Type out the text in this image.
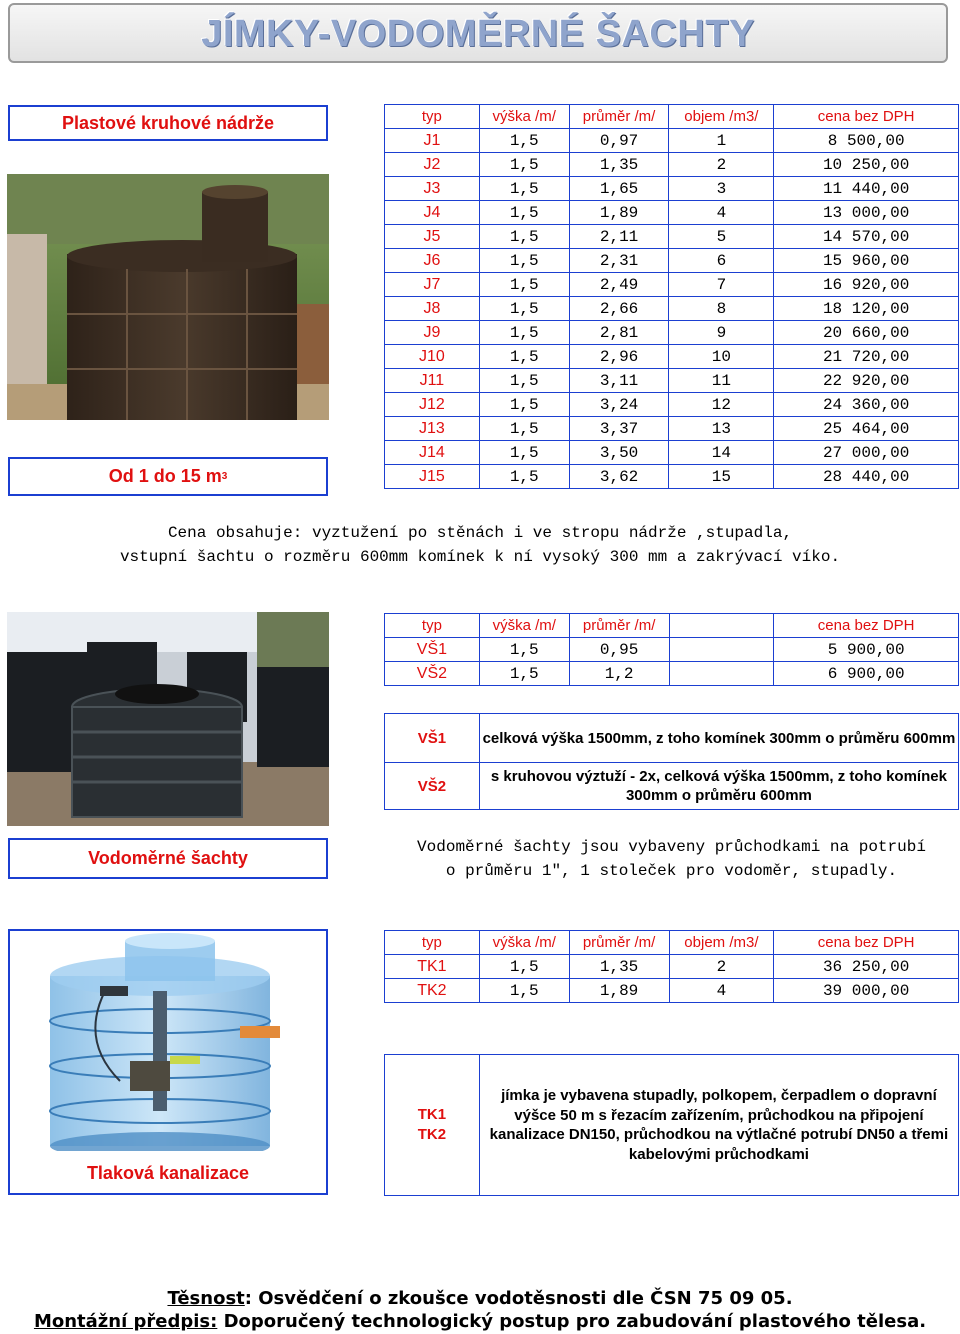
JÍMKY-VODOMĚRNÉ ŠACHTY
Plastové kruhové nádrže
Od 1 do 15 m 3
typ	výška /m/	průměr /m/	objem /m3/	cena bez DPH
J1	1,5	0,97	1	8 500,00
J2	1,5	1,35	2	10 250,00
J3	1,5	1,65	3	11 440,00
J4	1,5	1,89	4	13 000,00
J5	1,5	2,11	5	14 570,00
J6	1,5	2,31	6	15 960,00
J7	1,5	2,49	7	16 920,00
J8	1,5	2,66	8	18 120,00
J9	1,5	2,81	9	20 660,00
J10	1,5	2,96	10	21 720,00
J11	1,5	3,11	11	22 920,00
J12	1,5	3,24	12	24 360,00
J13	1,5	3,37	13	25 464,00
J14	1,5	3,50	14	27 000,00
J15	1,5	3,62	15	28 440,00
Cena obsahuje: vyztužení po stěnách i ve stropu nádrže ,stupadla,
vstupní šachtu o rozměru 600mm komínek k ní vysoký 300 mm a zakrývací víko.
typ	výška /m/	průměr /m/		cena bez DPH
VŠ1	1,5	0,95		5 900,00
VŠ2	1,5	1,2		6 900,00
VŠ1	celková výška 1500mm, z toho komínek 300mm o průměru 600mm
VŠ2	s kruhovou výztuží - 2x, celková výška 1500mm, z toho komínek 300mm o průměru 600mm
Vodoměrné šachty
Vodoměrné šachty jsou vybaveny průchodkami na potrubí
o průměru 1", 1 stoleček pro vodoměr, stupadly.
Tlaková kanalizace
typ	výška /m/	průměr /m/	objem /m3/	cena bez DPH
TK1	1,5	1,35	2	36 250,00
TK2	1,5	1,89	4	39 000,00
TK1
TK2
	jímka je vybavena stupadly, polkopem, čerpadlem o dopravní výšce 50 m s řezacím zařízením, průchodkou na připojení kanalizace DN150, průchodkou na výtlačné potrubí DN50 a třemi kabelovými průchodkami
Těsnost: Osvědčení o zkoušce vodotěsnosti dle ČSN 75 09 05.
Montážní předpis: Doporučený technologický postup pro zabudování plastového tělesa.
